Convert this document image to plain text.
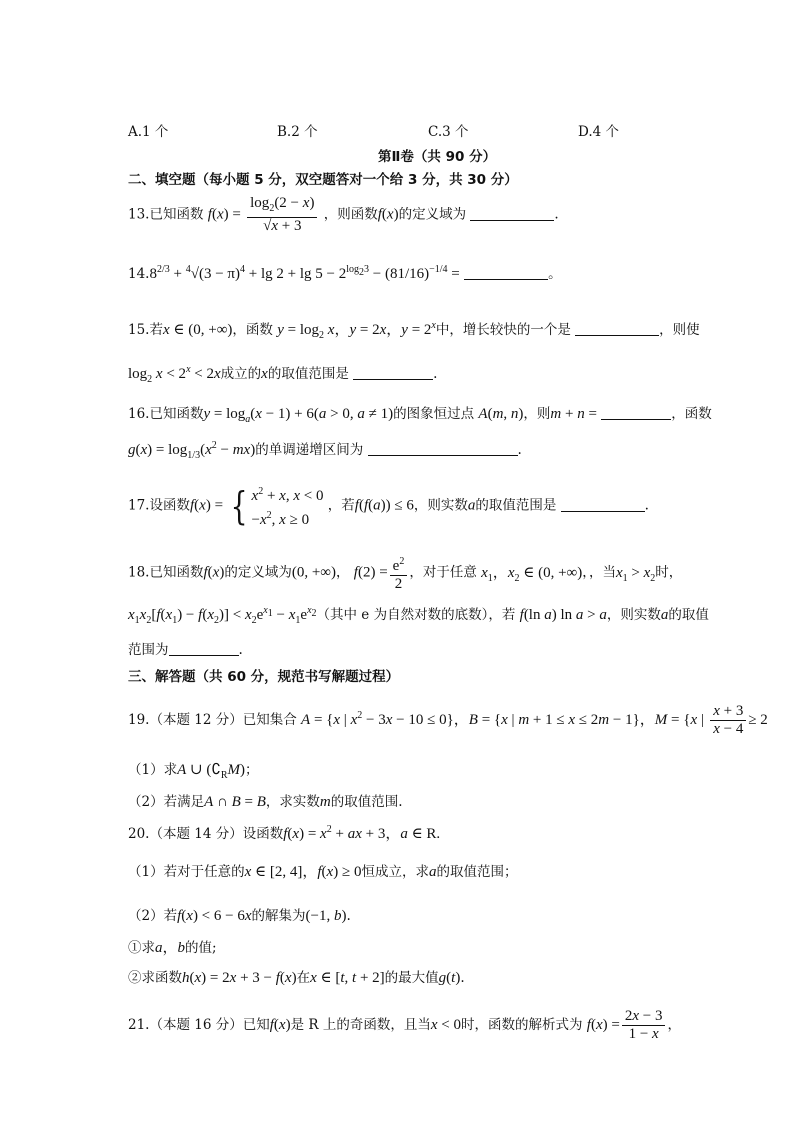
A.1 个	B.2 个	C.3 个	D.4 个
第Ⅱ卷（共 90 分）
二、填空题（每小题 5 分，双空题答对一个给 3 分，共 30 分）
13.已知函数 $f(x) = \frac{\log_2(2 - x)}{√x + 3}$ ，则函数f(x)的定义域为	.
$14.8^{2/3} + ^4√(3 - \pi)^4 + \lg 2 + \lg 5 - 2^{log_23} - (81/16)^{-1/4}$ =	。
15.若x ∈ (0, +∞)，函数 $y = \log_2 x$，y = 2x，$y = 2^x$中，增长较快的一个是	，则使
$\log_2 x < 2^x < 2x$成立的x的取值范围是	.
16.已知函数$y = \log_a(x - 1) + 6(a > 0$, a ≠ 1)的图象恒过点 A(m, n)，则m + n =	，函数
$g(x) = \log_{1/3}(x^2 - mx)$的单调递增区间为	.
17.设函数f(x) = { $x^2 + x$, x < 0
$-x^2$, x ≥ 0 ，若f(f(a)) ≤ 6，则实数a的取值范围是	.
18.已知函数f(x)的定义域为(0, +∞)， $f(2) = \frac{e^2}{2}$ ，对于任意 $x_1$，$x_2$ ∈ (0, +∞)，，当$x_1 > x_2$时，
$x_1x_2[f(x_1) - f(x_2)] < x_2e^{x_1} - x_1e^{x_2}$（其中 e 为自然对数的底数），若 f(ln a) ln a > a，则实数a的取值
范围为	.
三、解答题（共 60 分，规范书写解题过程）
19.（本题 12 分）已知集合 A = {x | $x^2 - 3x - 10 \le 0$}，B = {x | m + 1 ≤ x ≤ 2m − 1}，M = {x | $\frac{x + 3}{x - 4} \ge 2$
（1）求A ∪ $(∁_RM)$；
（2）若满足A ∩ B = B，求实数m的取值范围.
20.（本题 14 分）设函数$f(x) = x^2$ + ax + 3，a ∈ R.
（1）若对于任意的x ∈ [2, 4]，f(x) ≥ 0恒成立，求a的取值范围；
（2）若f(x) < 6 − 6x的解集为(−1, b).
①求a，b的值;
②求函数h(x) = 2x + 3 − f(x)在x ∈ [t, t + 2]的最大值g(t).
21.（本题 16 分）已知f(x)是 R 上的奇函数，且当x < 0时，函数的解析式为 $f(x) = \frac{2x - 3}{1 - x}$ ，
